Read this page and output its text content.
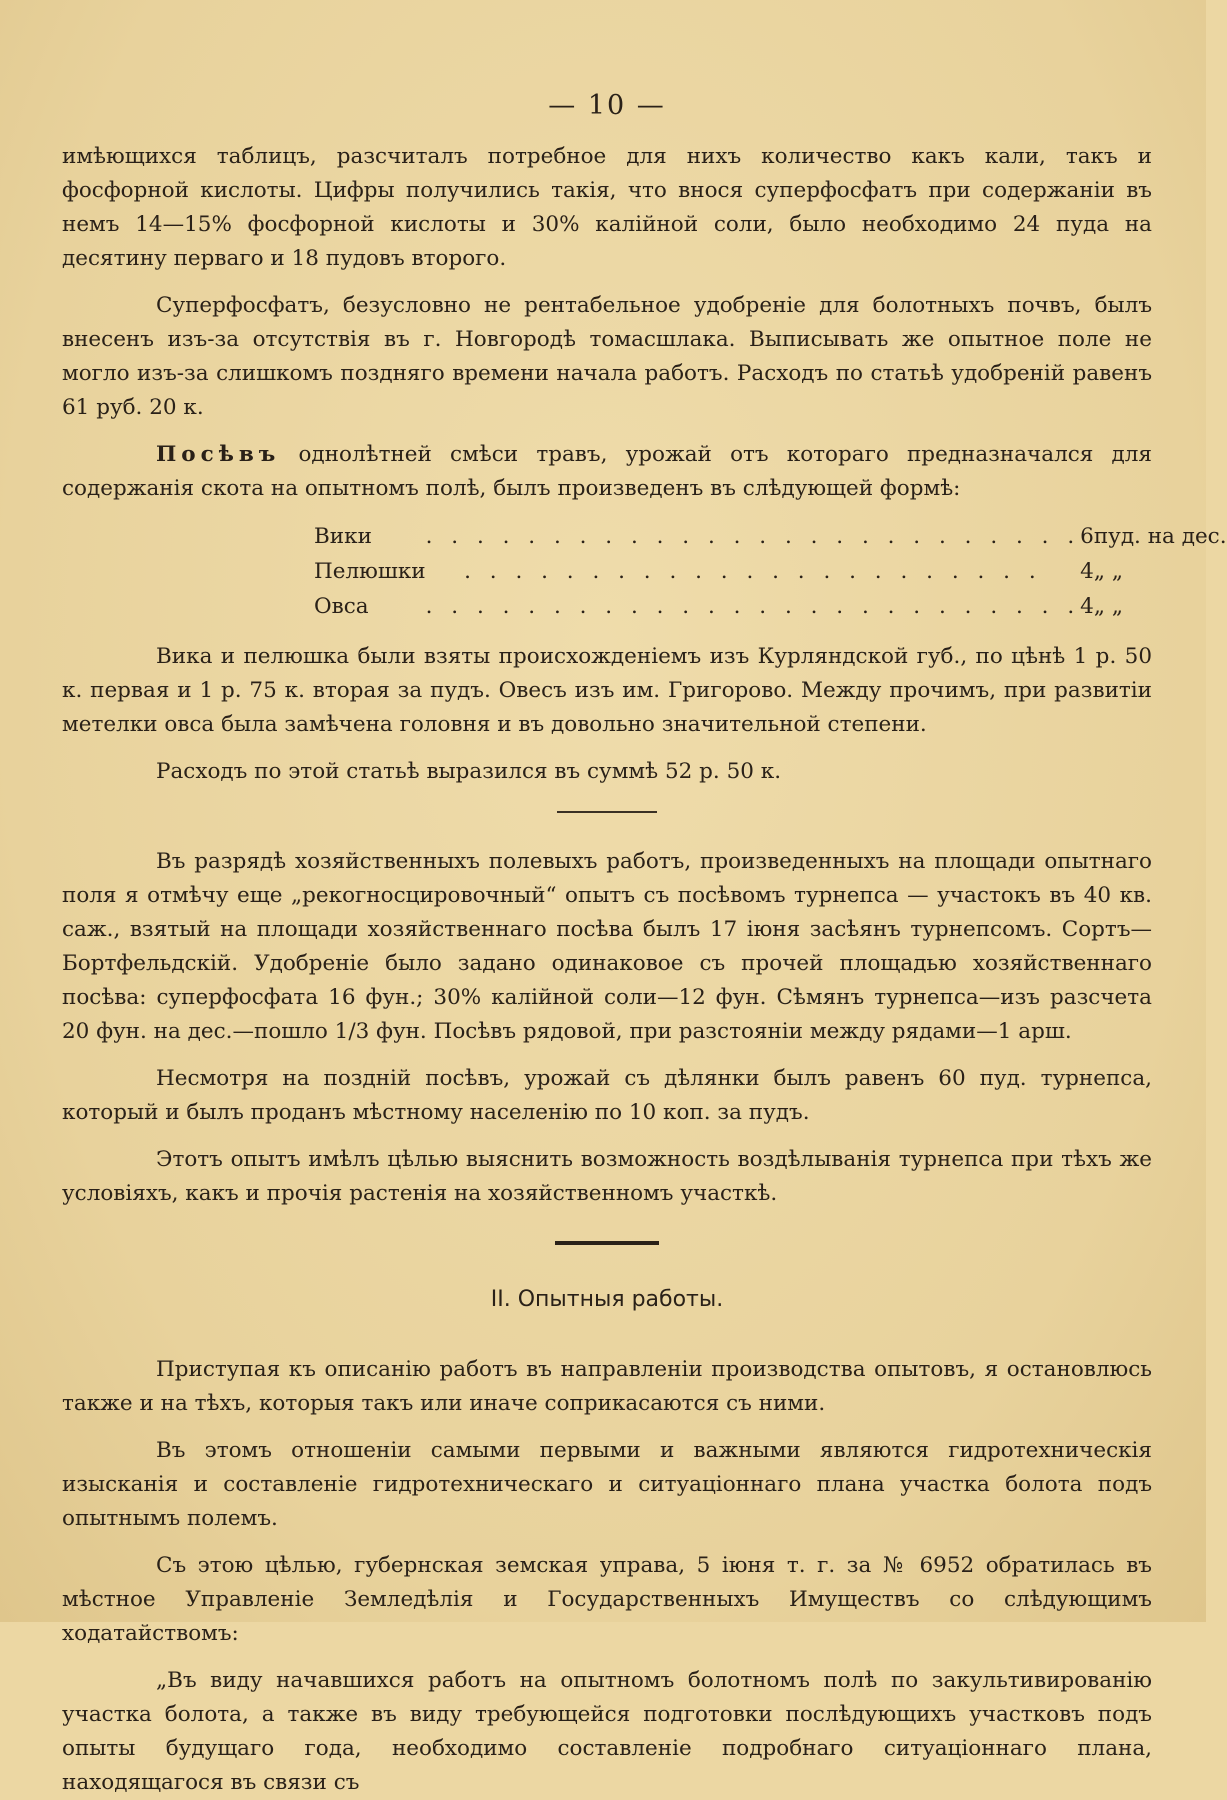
— 10 —

имѣющихся таблицъ, разсчиталъ потребное для нихъ количество какъ кали, такъ и фосфорной кислоты. Цифры получились такія, что внося суперфосфатъ при содержаніи въ немъ 14—15% фосфорной кислоты и 30% калійной соли, было необходимо 24 пуда на десятину перваго и 18 пудовъ второго.

Суперфосфатъ, безусловно не рентабельное удобреніе для болотныхъ почвъ, былъ внесенъ изъ-за отсутствія въ г. Новгородѣ томасшлака. Выписывать же опытное поле не могло изъ-за слишкомъ поздняго времени начала работъ. Расходъ по статьѣ удобреній равенъ 61 руб. 20 к.

Посѣвъ однолѣтней смѣси травъ, урожай отъ котораго предназначался для содержанія скота на опытномъ полѣ, былъ произведенъ въ слѣдующей формѣ:

Вики	. . . . . . . . . . . . . . . . . . . . . . . . . .	6	пуд. на дес.
Пелюшки	. . . . . . . . . . . . . . . . . . . . . . .	4	„ „
Овса	. . . . . . . . . . . . . . . . . . . . . . . . . .	4	„ „

Вика и пелюшка были взяты происхожденіемъ изъ Курляндской губ., по цѣнѣ 1 р. 50 к. первая и 1 р. 75 к. вторая за пудъ. Овесъ изъ им. Григорово. Между прочимъ, при развитіи метелки овса была замѣчена головня и въ довольно значительной степени.

Расходъ по этой статьѣ выразился въ суммѣ 52 р. 50 к.

Въ разрядѣ хозяйственныхъ полевыхъ работъ, произведенныхъ на площади опытнаго поля я отмѣчу еще „рекогносцировочный“ опытъ съ посѣвомъ турнепса — участокъ въ 40 кв. саж., взятый на площади хозяйственнаго посѣва былъ 17 іюня засѣянъ турнепсомъ. Сортъ—Бортфельдскій. Удобреніе было задано одинаковое съ прочей площадью хозяйственнаго посѣва: суперфосфата 16 фун.; 30% калійной соли—12 фун. Сѣмянъ турнепса—изъ разсчета 20 фун. на дес.—пошло 1/3 фун. Посѣвъ рядовой, при разстояніи между рядами—1 арш.

Несмотря на поздній посѣвъ, урожай съ дѣлянки былъ равенъ 60 пуд. турнепса, который и былъ проданъ мѣстному населенію по 10 коп. за пудъ.

Этотъ опытъ имѣлъ цѣлью выяснить возможность воздѣлыванія турнепса при тѣхъ же условіяхъ, какъ и прочія растенія на хозяйственномъ участкѣ.

II. Опытныя работы.

Приступая къ описанію работъ въ направленіи производства опытовъ, я остановлюсь также и на тѣхъ, которыя такъ или иначе соприкасаются съ ними.

Въ этомъ отношеніи самыми первыми и важными являются гидротехническія изысканія и составленіе гидротехническаго и ситуаціоннаго плана участка болота подъ опытнымъ полемъ.

Съ этою цѣлью, губернская земская управа, 5 іюня т. г. за № 6952 обратилась въ мѣстное Управленіе Земледѣлія и Государственныхъ Имуществъ со слѣдующимъ ходатайствомъ:

„Въ виду начавшихся работъ на опытномъ болотномъ полѣ по закультивированію участка болота, а также въ виду требующейся подготовки послѣдующихъ участковъ подъ опыты будущаго года, необходимо составленіе подробнаго ситуаціоннаго плана, находящагося въ связи съ
